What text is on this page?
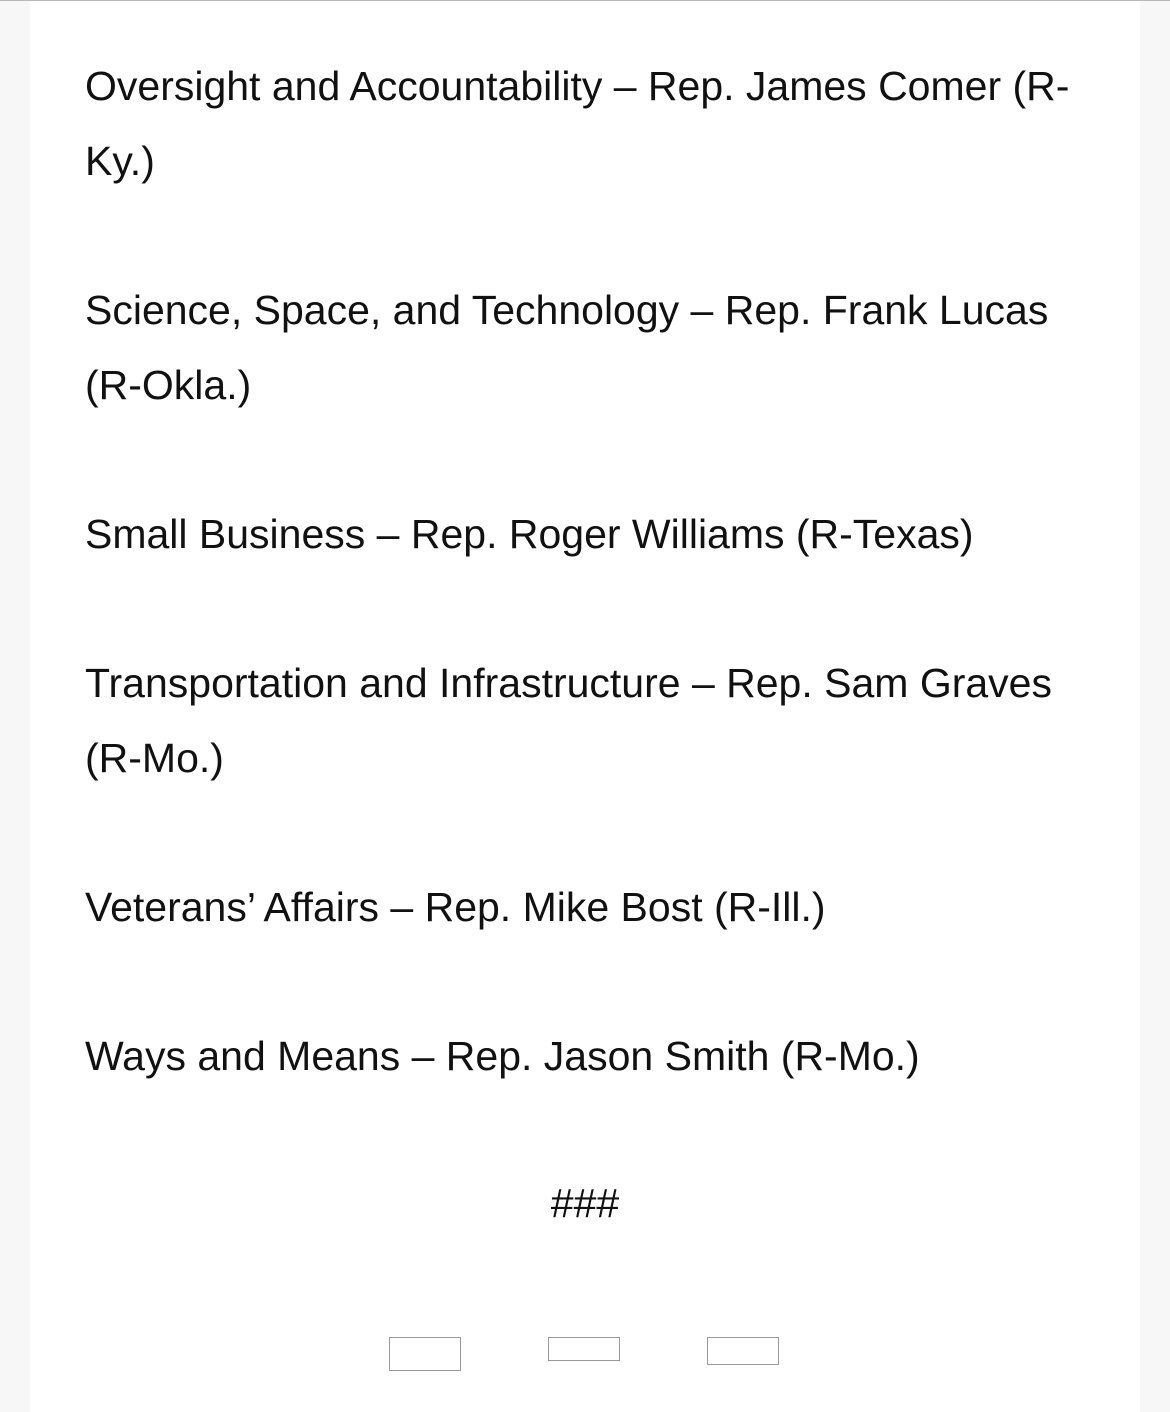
Oversight and Accountability – Rep. James Comer (R-Ky.)

Science, Space, and Technology – Rep. Frank Lucas (R-Okla.)

Small Business – Rep. Roger Williams (R-Texas)

Transportation and Infrastructure – Rep. Sam Graves (R-Mo.)

Veterans’ Affairs – Rep. Mike Bost (R-Ill.)

Ways and Means – Rep. Jason Smith (R-Mo.)

###
